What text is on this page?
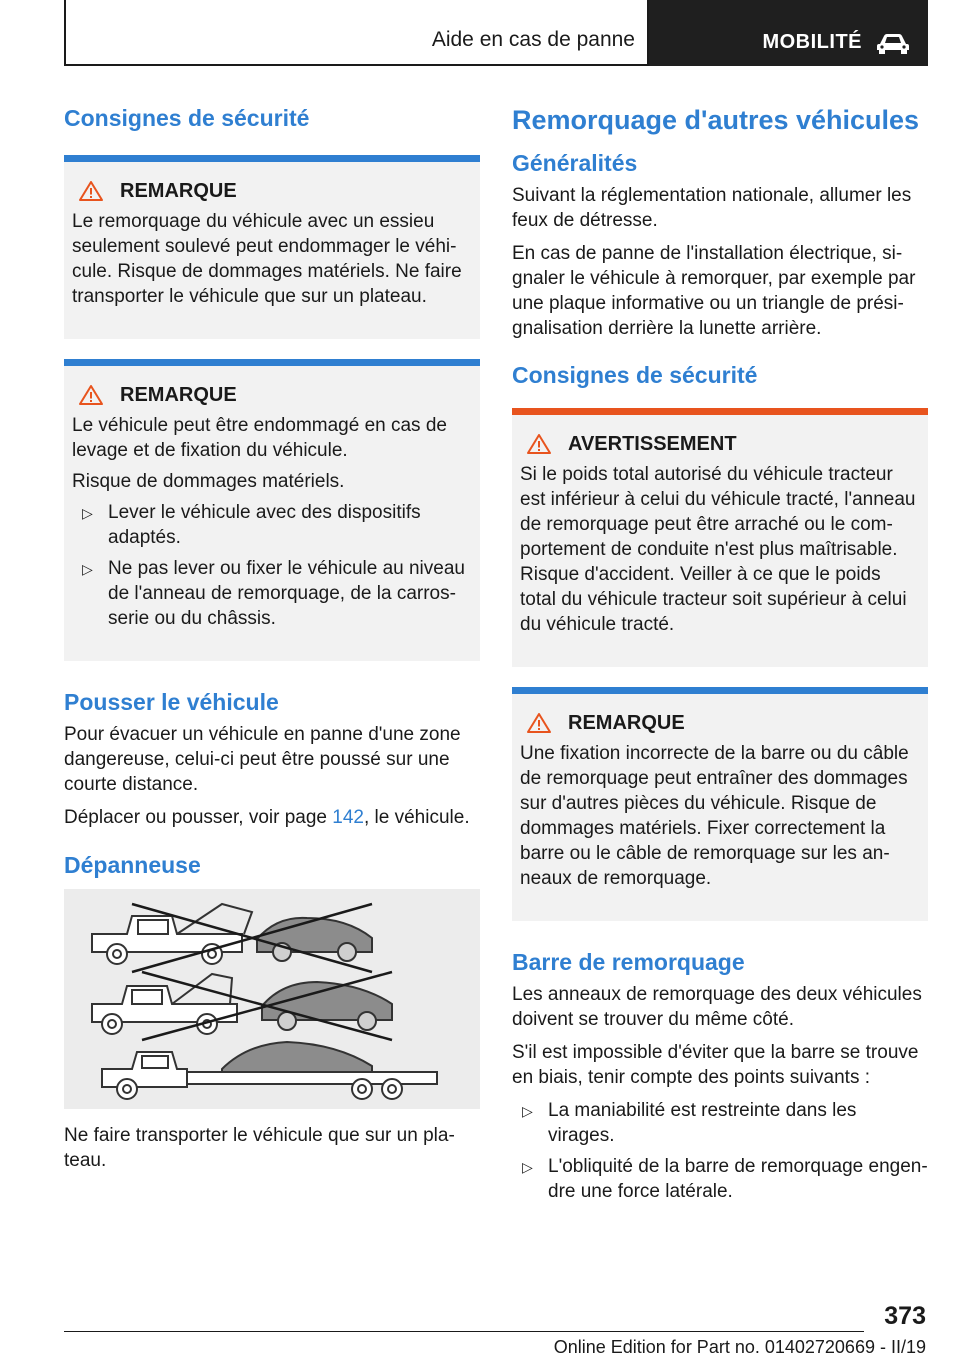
Aide en cas de panne	MOBILITÉ
Consignes de sécurité
REMARQUE

Le remorquage du véhicule avec un essieu seulement soulevé peut endommager le véhicule. Risque de dommages matériels. Ne faire transporter le véhicule que sur un plateau.

REMARQUE

Le véhicule peut être endommagé en cas de levage et de fixation du véhicule.

Risque de dommages matériels.

▷ Lever le véhicule avec des dispositifs adaptés.
▷ Ne pas lever ou fixer le véhicule au niveau de l'anneau de remorquage, de la carrosserie ou du châssis.
Pousser le véhicule

Pour évacuer un véhicule en panne d'une zone dangereuse, celui-ci peut être poussé sur une courte distance.

Déplacer ou pousser, voir page 142, le véhicule.

Dépanneuse

Ne faire transporter le véhicule que sur un plateau.

Remorquage d'autres véhicules
Généralités

Suivant la réglementation nationale, allumer les feux de détresse.

En cas de panne de l'installation électrique, signaler le véhicule à remorquer, par exemple par une plaque informative ou un triangle de présignalisation derrière la lunette arrière.

Consignes de sécurité
AVERTISSEMENT

Si le poids total autorisé du véhicule tracteur est inférieur à celui du véhicule tracté, l'anneau de remorquage peut être arraché ou le comportement de conduite n'est plus maîtrisable. Risque d'accident. Veiller à ce que le poids total du véhicule tracteur soit supérieur à celui du véhicule tracté.

REMARQUE

Une fixation incorrecte de la barre ou du câble de remorquage peut entraîner des dommages sur d'autres pièces du véhicule. Risque de dommages matériels. Fixer correctement la barre ou le câble de remorquage sur les anneaux de remorquage.

Barre de remorquage

Les anneaux de remorquage des deux véhicules doivent se trouver du même côté.

S'il est impossible d'éviter que la barre se trouve en biais, tenir compte des points suivants :

▷ La maniabilité est restreinte dans les virages.
▷ L'obliquité de la barre de remorquage engendre une force latérale.
373
Online Edition for Part no. 01402720669 - II/19
